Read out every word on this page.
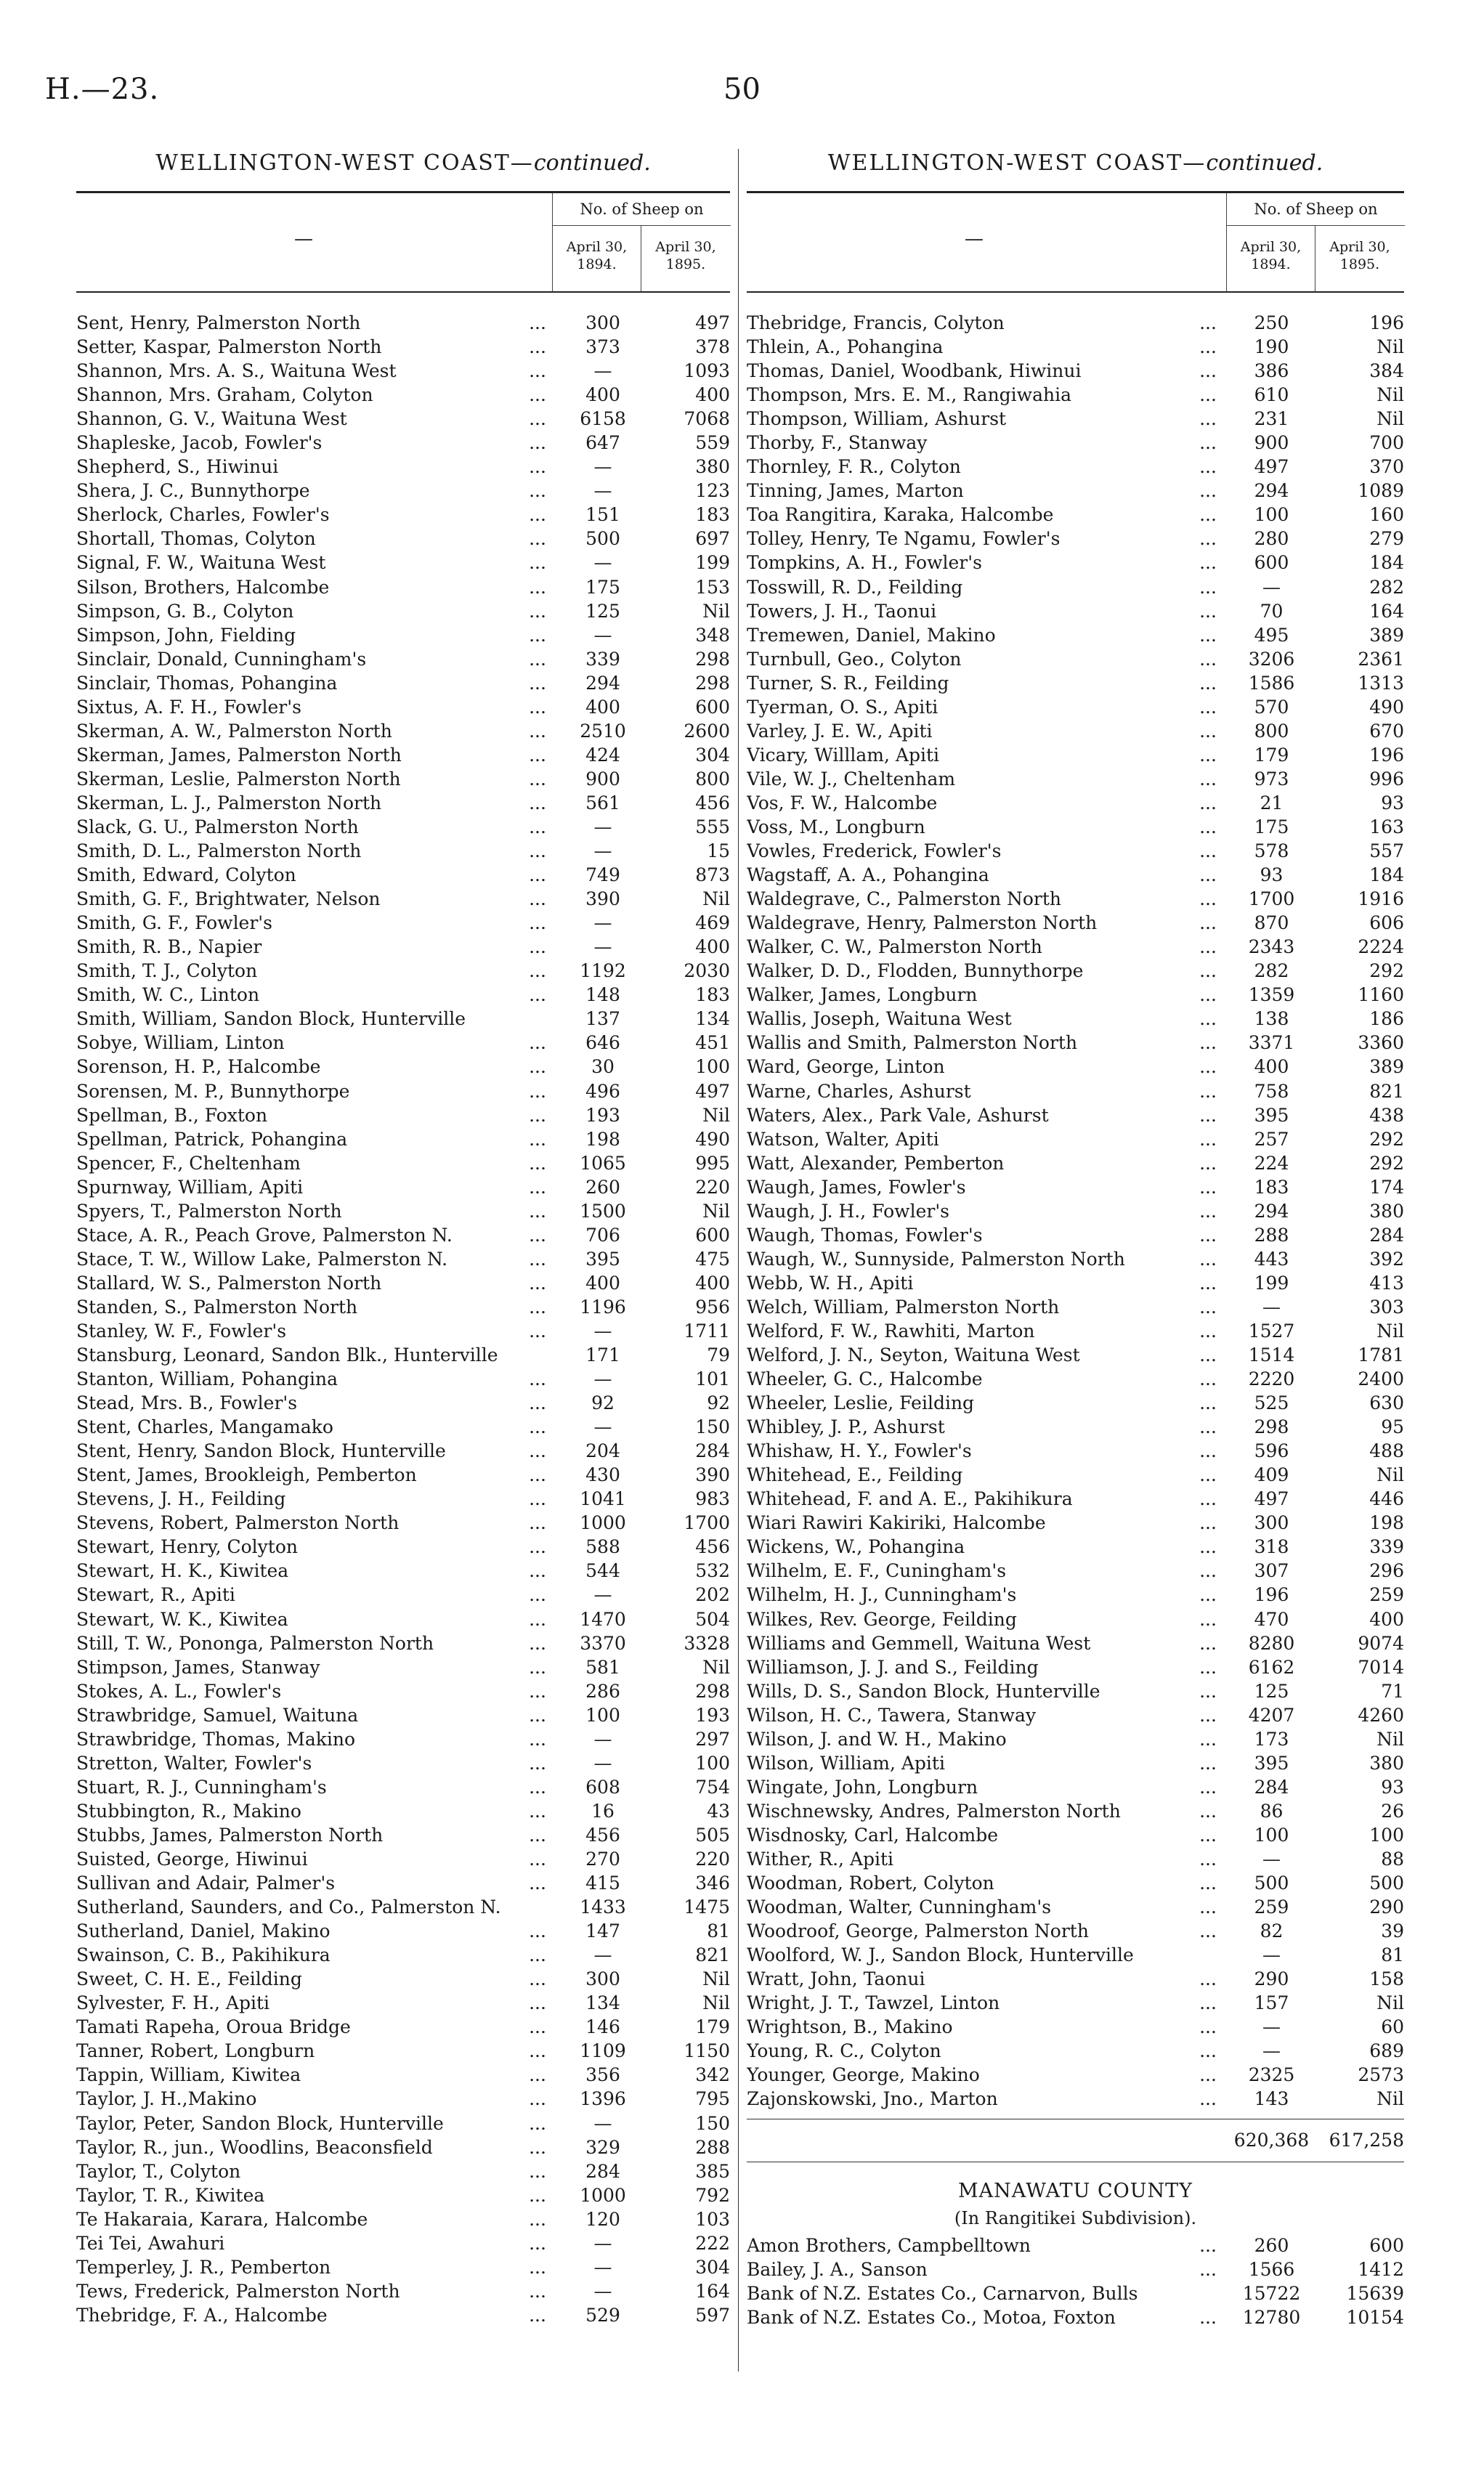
H.—23.	50
WELLINGTON-WEST COAST—continued.
—
No. of Sheep on
April 30, 1894.
April 30, 1895.
Sent, Henry, Palmerston North	...	300	497
Setter, Kaspar, Palmerston North	...	373	378
Shannon, Mrs. A. S., Waituna West	...	—	1093
Shannon, Mrs. Graham, Colyton	...	400	400
Shannon, G. V., Waituna West	...	6158	7068
Shapleske, Jacob, Fowler's	...	647	559
Shepherd, S., Hiwinui	...	—	380
Shera, J. C., Bunnythorpe	...	—	123
Sherlock, Charles, Fowler's	...	151	183
Shortall, Thomas, Colyton	...	500	697
Signal, F. W., Waituna West	...	—	199
Silson, Brothers, Halcombe	...	175	153
Simpson, G. B., Colyton	...	125	Nil
Simpson, John, Fielding	...	—	348
Sinclair, Donald, Cunningham's	...	339	298
Sinclair, Thomas, Pohangina	...	294	298
Sixtus, A. F. H., Fowler's	...	400	600
Skerman, A. W., Palmerston North	...	2510	2600
Skerman, James, Palmerston North	...	424	304
Skerman, Leslie, Palmerston North	...	900	800
Skerman, L. J., Palmerston North	...	561	456
Slack, G. U., Palmerston North	...	—	555
Smith, D. L., Palmerston North	...	—	15
Smith, Edward, Colyton	...	749	873
Smith, G. F., Brightwater, Nelson	...	390	Nil
Smith, G. F., Fowler's	...	—	469
Smith, R. B., Napier	...	—	400
Smith, T. J., Colyton	...	1192	2030
Smith, W. C., Linton	...	148	183
Smith, William, Sandon Block, Hunterville	137	134
Sobye, William, Linton	...	646	451
Sorenson, H. P., Halcombe	...	30	100
Sorensen, M. P., Bunnythorpe	...	496	497
Spellman, B., Foxton	...	193	Nil
Spellman, Patrick, Pohangina	...	198	490
Spencer, F., Cheltenham	...	1065	995
Spurnway, William, Apiti	...	260	220
Spyers, T., Palmerston North	...	1500	Nil
Stace, A. R., Peach Grove, Palmerston N.	...	706	600
Stace, T. W., Willow Lake, Palmerston N.	...	395	475
Stallard, W. S., Palmerston North	...	400	400
Standen, S., Palmerston North	...	1196	956
Stanley, W. F., Fowler's	...	—	1711
Stansburg, Leonard, Sandon Blk., Hunterville	171	79
Stanton, William, Pohangina	...	—	101
Stead, Mrs. B., Fowler's	...	92	92
Stent, Charles, Mangamako	...	—	150
Stent, Henry, Sandon Block, Hunterville	...	204	284
Stent, James, Brookleigh, Pemberton	...	430	390
Stevens, J. H., Feilding	...	1041	983
Stevens, Robert, Palmerston North	...	1000	1700
Stewart, Henry, Colyton	...	588	456
Stewart, H. K., Kiwitea	...	544	532
Stewart, R., Apiti	...	—	202
Stewart, W. K., Kiwitea	...	1470	504
Still, T. W., Pononga, Palmerston North	...	3370	3328
Stimpson, James, Stanway	...	581	Nil
Stokes, A. L., Fowler's	...	286	298
Strawbridge, Samuel, Waituna	...	100	193
Strawbridge, Thomas, Makino	...	—	297
Stretton, Walter, Fowler's	...	—	100
Stuart, R. J., Cunningham's	...	608	754
Stubbington, R., Makino	...	16	43
Stubbs, James, Palmerston North	...	456	505
Suisted, George, Hiwinui	...	270	220
Sullivan and Adair, Palmer's	...	415	346
Sutherland, Saunders, and Co., Palmerston N.	1433	1475
Sutherland, Daniel, Makino	...	147	81
Swainson, C. B., Pakihikura	...	—	821
Sweet, C. H. E., Feilding	...	300	Nil
Sylvester, F. H., Apiti	...	134	Nil
Tamati Rapeha, Oroua Bridge	...	146	179
Tanner, Robert, Longburn	...	1109	1150
Tappin, William, Kiwitea	...	356	342
Taylor, J. H.,Makino	...	1396	795
Taylor, Peter, Sandon Block, Hunterville	...	—	150
Taylor, R., jun., Woodlins, Beaconsfield	...	329	288
Taylor, T., Colyton	...	284	385
Taylor, T. R., Kiwitea	...	1000	792
Te Hakaraia, Karara, Halcombe	...	120	103
Tei Tei, Awahuri	...	—	222
Temperley, J. R., Pemberton	...	—	304
Tews, Frederick, Palmerston North	...	—	164
Thebridge, F. A., Halcombe	...	529	597
WELLINGTON-WEST COAST—continued.
—
No. of Sheep on
April 30, 1894.
April 30, 1895.
Thebridge, Francis, Colyton	...	250	196
Thlein, A., Pohangina	...	190	Nil
Thomas, Daniel, Woodbank, Hiwinui	...	386	384
Thompson, Mrs. E. M., Rangiwahia	...	610	Nil
Thompson, William, Ashurst	...	231	Nil
Thorby, F., Stanway	...	900	700
Thornley, F. R., Colyton	...	497	370
Tinning, James, Marton	...	294	1089
Toa Rangitira, Karaka, Halcombe	...	100	160
Tolley, Henry, Te Ngamu, Fowler's	...	280	279
Tompkins, A. H., Fowler's	...	600	184
Tosswill, R. D., Feilding	...	—	282
Towers, J. H., Taonui	...	70	164
Tremewen, Daniel, Makino	...	495	389
Turnbull, Geo., Colyton	...	3206	2361
Turner, S. R., Feilding	...	1586	1313
Tyerman, O. S., Apiti	...	570	490
Varley, J. E. W., Apiti	...	800	670
Vicary, Willlam, Apiti	...	179	196
Vile, W. J., Cheltenham	...	973	996
Vos, F. W., Halcombe	...	21	93
Voss, M., Longburn	...	175	163
Vowles, Frederick, Fowler's	...	578	557
Wagstaff, A. A., Pohangina	...	93	184
Waldegrave, C., Palmerston North	...	1700	1916
Waldegrave, Henry, Palmerston North	...	870	606
Walker, C. W., Palmerston North	...	2343	2224
Walker, D. D., Flodden, Bunnythorpe	...	282	292
Walker, James, Longburn	...	1359	1160
Wallis, Joseph, Waituna West	...	138	186
Wallis and Smith, Palmerston North	...	3371	3360
Ward, George, Linton	...	400	389
Warne, Charles, Ashurst	...	758	821
Waters, Alex., Park Vale, Ashurst	...	395	438
Watson, Walter, Apiti	...	257	292
Watt, Alexander, Pemberton	...	224	292
Waugh, James, Fowler's	...	183	174
Waugh, J. H., Fowler's	...	294	380
Waugh, Thomas, Fowler's	...	288	284
Waugh, W., Sunnyside, Palmerston North	...	443	392
Webb, W. H., Apiti	...	199	413
Welch, William, Palmerston North	...	—	303
Welford, F. W., Rawhiti, Marton	...	1527	Nil
Welford, J. N., Seyton, Waituna West	...	1514	1781
Wheeler, G. C., Halcombe	...	2220	2400
Wheeler, Leslie, Feilding	...	525	630
Whibley, J. P., Ashurst	...	298	95
Whishaw, H. Y., Fowler's	...	596	488
Whitehead, E., Feilding	...	409	Nil
Whitehead, F. and A. E., Pakihikura	...	497	446
Wiari Rawiri Kakiriki, Halcombe	...	300	198
Wickens, W., Pohangina	...	318	339
Wilhelm, E. F., Cuningham's	...	307	296
Wilhelm, H. J., Cunningham's	...	196	259
Wilkes, Rev. George, Feilding	...	470	400
Williams and Gemmell, Waituna West	...	8280	9074
Williamson, J. J. and S., Feilding	...	6162	7014
Wills, D. S., Sandon Block, Hunterville	...	125	71
Wilson, H. C., Tawera, Stanway	...	4207	4260
Wilson, J. and W. H., Makino	...	173	Nil
Wilson, William, Apiti	...	395	380
Wingate, John, Longburn	...	284	93
Wischnewsky, Andres, Palmerston North	...	86	26
Wisdnosky, Carl, Halcombe	...	100	100
Wither, R., Apiti	...	—	88
Woodman, Robert, Colyton	...	500	500
Woodman, Walter, Cunningham's	...	259	290
Woodroof, George, Palmerston North	...	82	39
Woolford, W. J., Sandon Block, Hunterville	—	81
Wratt, John, Taonui	...	290	158
Wright, J. T., Tawzel, Linton	...	157	Nil
Wrightson, B., Makino	...	—	60
Young, R. C., Colyton	...	—	689
Younger, George, Makino	...	2325	2573
Zajonskowski, Jno., Marton	...	143	Nil
620,368	617,258
MANAWATU COUNTY
(In Rangitikei Subdivision).
Amon Brothers, Campbelltown	...	260	600
Bailey, J. A., Sanson	...	1566	1412
Bank of N.Z. Estates Co., Carnarvon, Bulls	15722	15639
Bank of N.Z. Estates Co., Motoa, Foxton	...	12780	10154
